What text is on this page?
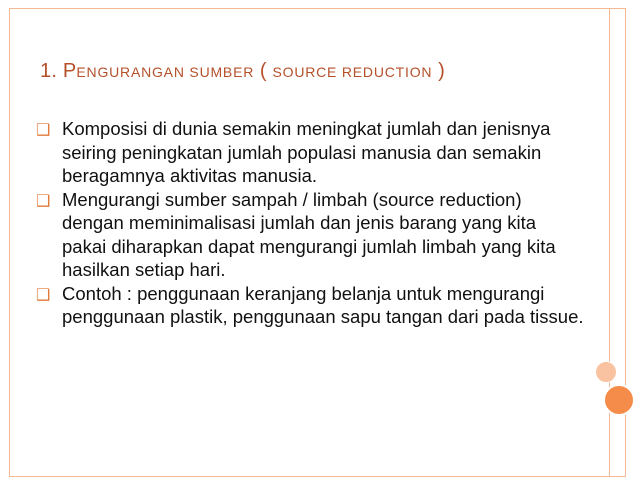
1. PENGURANGAN SUMBER ( SOURCE REDUCTION )
❑ Komposisi di dunia semakin meningkat jumlah dan jenisnya seiring peningkatan jumlah populasi manusia dan semakin beragamnya aktivitas manusia.
❑ Mengurangi sumber sampah / limbah (source reduction) dengan meminimalisasi jumlah dan jenis barang yang kita pakai diharapkan dapat mengurangi jumlah limbah yang kita hasilkan setiap hari.
❑ Contoh : penggunaan keranjang belanja untuk mengurangi penggunaan plastik, penggunaan sapu tangan dari pada tissue.
